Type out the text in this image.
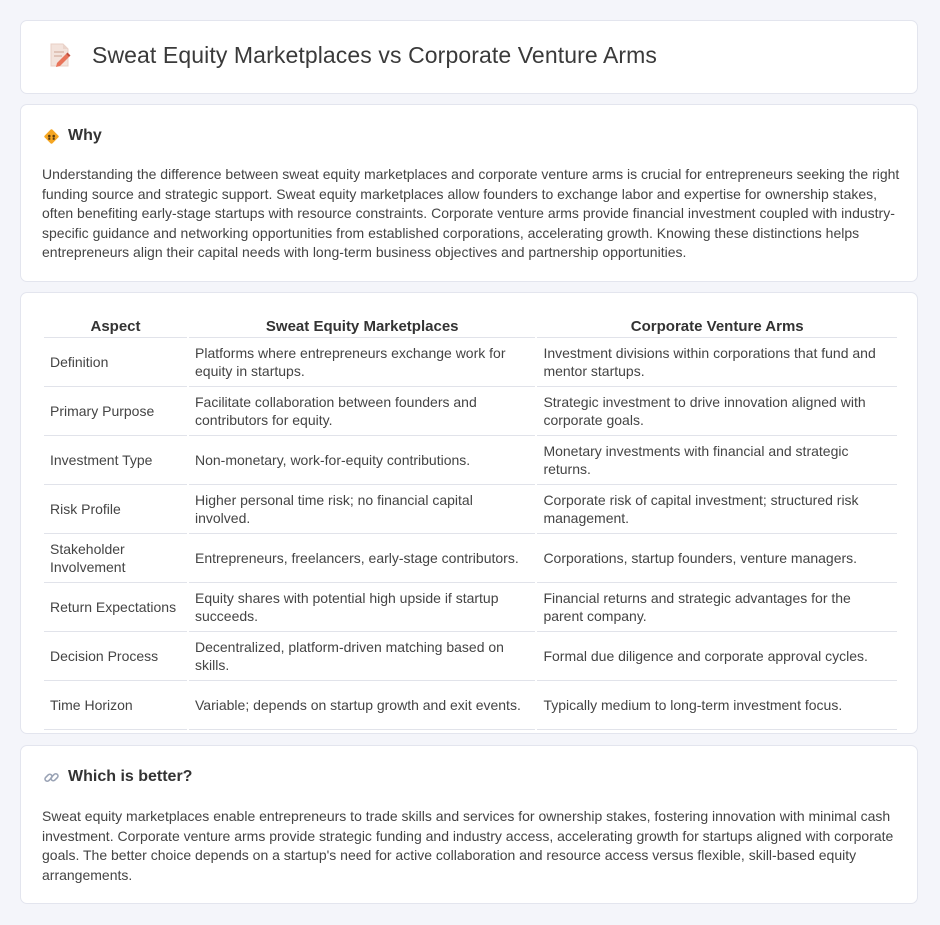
Sweat Equity Marketplaces vs Corporate Venture Arms
Why

Understanding the difference between sweat equity marketplaces and corporate venture arms is crucial for entrepreneurs seeking the right funding source and strategic support. Sweat equity marketplaces allow founders to exchange labor and expertise for ownership stakes, often benefiting early-stage startups with resource constraints. Corporate venture arms provide financial investment coupled with industry-specific guidance and networking opportunities from established corporations, accelerating growth. Knowing these distinctions helps entrepreneurs align their capital needs with long-term business objectives and partnership opportunities.

Aspect	Sweat Equity Marketplaces	Corporate Venture Arms
Definition	Platforms where entrepreneurs exchange work for equity in startups.	Investment divisions within corporations that fund and mentor startups.
Primary Purpose	Facilitate collaboration between founders and contributors for equity.	Strategic investment to drive innovation aligned with corporate goals.
Investment Type	Non-monetary, work-for-equity contributions.	Monetary investments with financial and strategic returns.
Risk Profile	Higher personal time risk; no financial capital involved.	Corporate risk of capital investment; structured risk management.
Stakeholder Involvement	Entrepreneurs, freelancers, early-stage contributors.	Corporations, startup founders, venture managers.
Return Expectations	Equity shares with potential high upside if startup succeeds.	Financial returns and strategic advantages for the parent company.
Decision Process	Decentralized, platform-driven matching based on skills.	Formal due diligence and corporate approval cycles.
Time Horizon	Variable; depends on startup growth and exit events.	Typically medium to long-term investment focus.
Which is better?

Sweat equity marketplaces enable entrepreneurs to trade skills and services for ownership stakes, fostering innovation with minimal cash investment. Corporate venture arms provide strategic funding and industry access, accelerating growth for startups aligned with corporate goals. The better choice depends on a startup's need for active collaboration and resource access versus flexible, skill-based equity arrangements.
